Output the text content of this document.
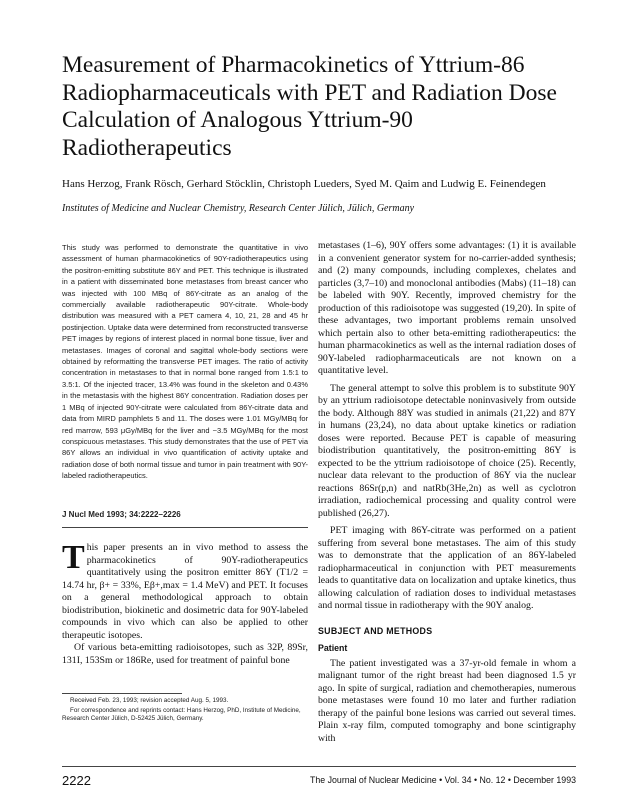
Measurement of Pharmacokinetics of Yttrium-86 Radiopharmaceuticals with PET and Radiation Dose Calculation of Analogous Yttrium-90 Radiotherapeutics
Hans Herzog, Frank Rösch, Gerhard Stöcklin, Christoph Lueders, Syed M. Qaim and Ludwig E. Feinendegen
Institutes of Medicine and Nuclear Chemistry, Research Center Jülich, Jülich, Germany

This study was performed to demonstrate the quantitative in vivo assessment of human pharmacokinetics of 90Y-radiotherapeutics using the positron-emitting substitute 86Y and PET. This technique is illustrated in a patient with disseminated bone metastases from breast cancer who was injected with 100 MBq of 86Y-citrate as an analog of the commercially available radiotherapeutic 90Y-citrate. Whole-body distribution was measured with a PET camera 4, 10, 21, 28 and 45 hr postinjection. Uptake data were determined from reconstructed transverse PET images by regions of interest placed in normal bone tissue, liver and metastases. Images of coronal and sagittal whole-body sections were obtained by reformatting the transverse PET images. The ratio of activity concentration in metastases to that in normal bone ranged from 1.5:1 to 3.5:1. Of the injected tracer, 13.4% was found in the skeleton and 0.43% in the metastasis with the highest 86Y concentration. Radiation doses per 1 MBq of injected 90Y-citrate were calculated from 86Y-citrate data and data from MIRD pamphlets 5 and 11. The doses were 1.01 MGy/MBq for red marrow, 593 μGy/MBq for the liver and ~3.5 MGy/MBq for the most conspicuous metastases. This study demonstrates that the use of PET via 86Y allows an individual in vivo quantification of activity uptake and radiation dose of both normal tissue and tumor in pain treatment with 90Y-labeled radiotherapeutics.

J Nucl Med 1993; 34:2222–2226

This paper presents an in vivo method to assess the pharmacokinetics of 90Y-radiotherapeutics quantitatively using the positron emitter 86Y (T1/2 = 14.74 hr, β+ = 33%, Eβ+,max = 1.4 MeV) and PET. It focuses on a general methodological approach to obtain biodistribution, biokinetic and dosimetric data for 90Y-labeled compounds in vivo which can also be applied to other therapeutic isotopes.

Of various beta-emitting radioisotopes, such as 32P, 89Sr, 131I, 153Sm or 186Re, used for treatment of painful bone

Received Feb. 23, 1993; revision accepted Aug. 5, 1993.

For correspondence and reprints contact: Hans Herzog, PhD, Institute of Medicine, Research Center Jülich, D-52425 Jülich, Germany.

metastases (1–6), 90Y offers some advantages: (1) it is available in a convenient generator system for no-carrier-added synthesis; and (2) many compounds, including complexes, chelates and particles (3,7–10) and monoclonal antibodies (Mabs) (11–18) can be labeled with 90Y. Recently, improved chemistry for the production of this radioisotope was suggested (19,20). In spite of these advantages, two important problems remain unsolved which pertain also to other beta-emitting radiotherapeutics: the human pharmacokinetics as well as the internal radiation doses of 90Y-labeled radiopharmaceuticals are not known on a quantitative level.

The general attempt to solve this problem is to substitute 90Y by an yttrium radioisotope detectable noninvasively from outside the body. Although 88Y was studied in animals (21,22) and 87Y in humans (23,24), no data about uptake kinetics or radiation doses were reported. Because PET is capable of measuring biodistribution quantitatively, the positron-emitting 86Y is expected to be the yttrium radioisotope of choice (25). Recently, nuclear data relevant to the production of 86Y via the nuclear reactions 86Sr(p,n) and natRb(3He,2n) as well as cyclotron irradiation, radiochemical processing and quality control were published (26,27).

PET imaging with 86Y-citrate was performed on a patient suffering from several bone metastases. The aim of this study was to demonstrate that the application of an 86Y-labeled radiopharmaceutical in conjunction with PET measurements leads to quantitative data on localization and uptake kinetics, thus allowing calculation of radiation doses to individual metastases and normal tissue in radiotherapy with the 90Y analog.

SUBJECT AND METHODS
Patient

The patient investigated was a 37-yr-old female in whom a malignant tumor of the right breast had been diagnosed 1.5 yr ago. In spite of surgical, radiation and chemotherapies, numerous bone metastases were found 10 mo later and further radiation therapy of the painful bone lesions was carried out several times. Plain x-ray film, computed tomography and bone scintigraphy with

2222	The Journal of Nuclear Medicine • Vol. 34 • No. 12 • December 1993
